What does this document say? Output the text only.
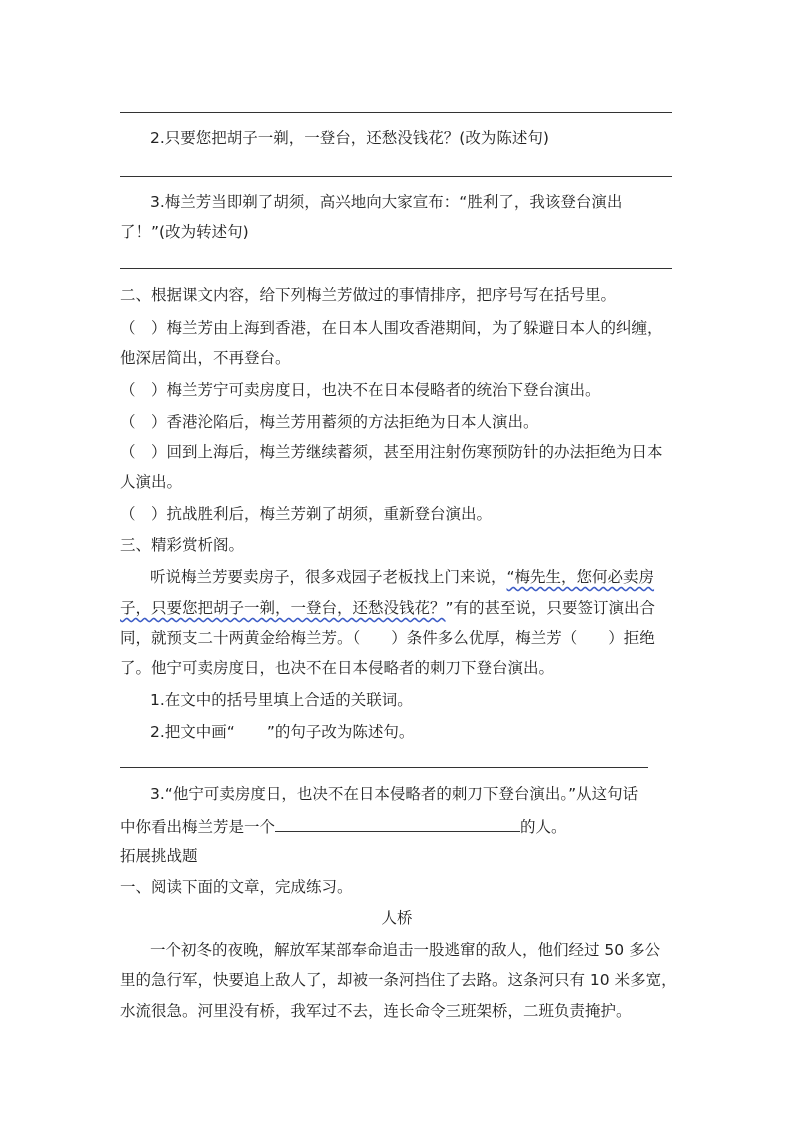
2.只要您把胡子一剃，一登台，还愁没钱花？(改为陈述句)
3.梅兰芳当即剃了胡须，高兴地向大家宣布：“胜利了，我该登台演出
了！”(改为转述句)
二、根据课文内容，给下列梅兰芳做过的事情排序，把序号写在括号里。
（　）梅兰芳由上海到香港，在日本人围攻香港期间，为了躲避日本人的纠缠，
他深居简出，不再登台。
（　）梅兰芳宁可卖房度日，也决不在日本侵略者的统治下登台演出。
（　）香港沦陷后，梅兰芳用蓄须的方法拒绝为日本人演出。
（　）回到上海后，梅兰芳继续蓄须，甚至用注射伤寒预防针的办法拒绝为日本
人演出。
（　）抗战胜利后，梅兰芳剃了胡须，重新登台演出。
三、精彩赏析阁。
听说梅兰芳要卖房子，很多戏园子老板找上门来说，“梅先生，您何必卖房
子，只要您把胡子一剃，一登台，还愁没钱花？”有的甚至说，只要签订演出合
同，就预支二十两黄金给梅兰芳。（　　）条件多么优厚，梅兰芳（　　）拒绝
了。他宁可卖房度日，也决不在日本侵略者的刺刀下登台演出。
1.在文中的括号里填上合适的关联词。
2.把文中画“ ”的句子改为陈述句。
3.“他宁可卖房度日，也决不在日本侵略者的刺刀下登台演出。”从这句话
中你看出梅兰芳是一个	的人。
拓展挑战题
一、阅读下面的文章，完成练习。
人桥
一个初冬的夜晚，解放军某部奉命追击一股逃窜的敌人，他们经过 50 多公
里的急行军，快要追上敌人了，却被一条河挡住了去路。这条河只有 10 米多宽，
水流很急。河里没有桥，我军过不去，连长命令三班架桥，二班负责掩护。
